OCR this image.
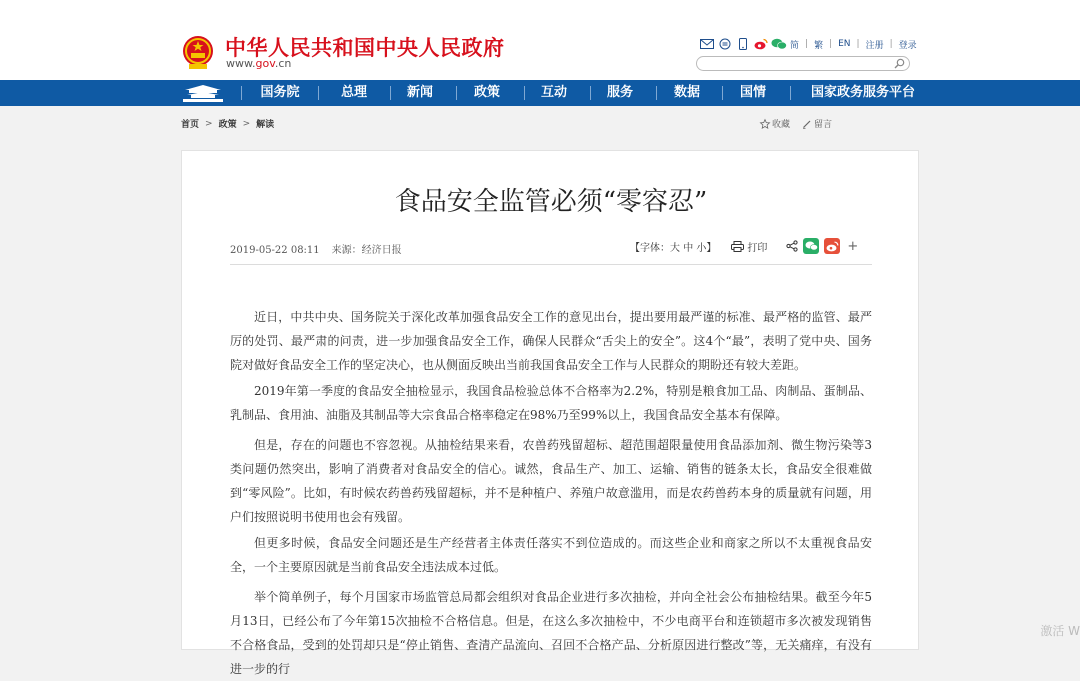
中华人民共和国中央人民政府
www.gov.cn
简 | 繁 | EN | 注册 | 登录
国务院	总理	新闻	政策	互动	服务	数据	国情	国家政务服务平台
首页 > 政策 > 解读	收藏	留言
食品安全监管必须“零容忍”
2019-05-22 08:11 来源：经济日报	【字体：大 中 小】	打印	+

近日，中共中央、国务院关于深化改革加强食品安全工作的意见出台，提出要用最严谨的标准、最严格的监管、最严厉的处罚、最严肃的问责，进一步加强食品安全工作，确保人民群众“舌尖上的安全”。这4个“最”，表明了党中央、国务院对做好食品安全工作的坚定决心，也从侧面反映出当前我国食品安全工作与人民群众的期盼还有较大差距。

2019年第一季度的食品安全抽检显示，我国食品检验总体不合格率为2.2%，特别是粮食加工品、肉制品、蛋制品、乳制品、食用油、油脂及其制品等大宗食品合格率稳定在98%乃至99%以上，我国食品安全基本有保障。

但是，存在的问题也不容忽视。从抽检结果来看，农兽药残留超标、超范围超限量使用食品添加剂、微生物污染等3类问题仍然突出，影响了消费者对食品安全的信心。诚然，食品生产、加工、运输、销售的链条太长，食品安全很难做到“零风险”。比如，有时候农药兽药残留超标，并不是种植户、养殖户故意滥用，而是农药兽药本身的质量就有问题，用户们按照说明书使用也会有残留。

但更多时候，食品安全问题还是生产经营者主体责任落实不到位造成的。而这些企业和商家之所以不太重视食品安全，一个主要原因就是当前食品安全违法成本过低。

举个简单例子，每个月国家市场监管总局都会组织对食品企业进行多次抽检，并向全社会公布抽检结果。截至今年5月13日，已经公布了今年第15次抽检不合格信息。但是，在这么多次抽检中，不少电商平台和连锁超市多次被发现销售不合格食品，受到的处罚却只是“停止销售、查清产品流向、召回不合格产品、分析原因进行整改”等，无关痛痒，有没有进一步的行

激活 W
